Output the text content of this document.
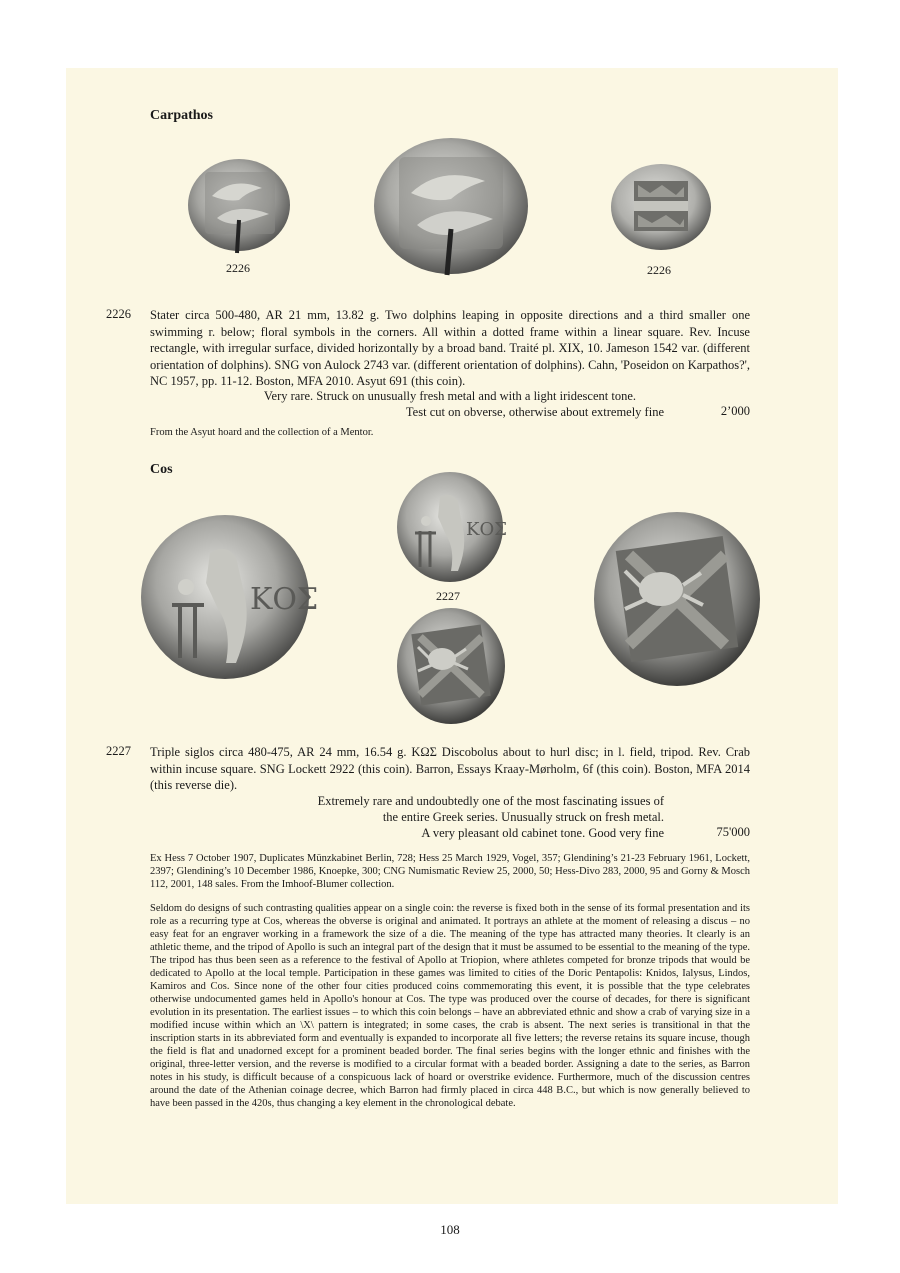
Carpathos
2226	2226
2226 Stater circa 500-480, AR 21 mm, 13.82 g. Two dolphins leaping in opposite directions and a third smaller one swimming r. below; floral symbols in the corners. All within a dotted frame within a linear square. Rev. Incuse rectangle, with irregular surface, divided horizontally by a broad band. Traité pl. XIX, 10. Jameson 1542 var. (different orientation of dolphins). SNG von Aulock 2743 var. (different orientation of dolphins). Cahn, 'Poseidon on Karpathos?', NC 1957, pp. 11-12. Boston, MFA 2010. Asyut 691 (this coin).

Very rare. Struck on unusually fresh metal and with a light iridescent tone.
Test cut on obverse, otherwise about extremely fine	2’000

From the Asyut hoard and the collection of a Mentor.

Cos
ΚΟΣ
ΚΟΣ
2227
2227 Triple siglos circa 480-475, AR 24 mm, 16.54 g. ΚΩΣ Discobolus about to hurl disc; in l. field, tripod. Rev. Crab within incuse square. SNG Lockett 2922 (this coin). Barron, Essays Kraay-Mørholm, 6f (this coin). Boston, MFA 2014 (this reverse die).

Extremely rare and undoubtedly one of the most fascinating issues of
the entire Greek series. Unusually struck on fresh metal.
A very pleasant old cabinet tone. Good very fine	75'000

Ex Hess 7 October 1907, Duplicates Münzkabinet Berlin, 728; Hess 25 March 1929, Vogel, 357; Glendining’s 21-23 February 1961, Lockett, 2397; Glendining’s 10 December 1986, Knoepke, 300; CNG Numismatic Review 25, 2000, 50; Hess-Divo 283, 2000, 95 and Gorny & Mosch 112, 2001, 148 sales. From the Imhoof-Blumer collection.

Seldom do designs of such contrasting qualities appear on a single coin: the reverse is fixed both in the sense of its formal presentation and its role as a recurring type at Cos, whereas the obverse is original and animated. It portrays an athlete at the moment of releasing a discus – no easy feat for an engraver working in a framework the size of a die. The meaning of the type has attracted many theories. It clearly is an athletic theme, and the tripod of Apollo is such an integral part of the design that it must be assumed to be essential to the meaning of the type. The tripod has thus been seen as a reference to the festival of Apollo at Triopion, where athletes competed for bronze tripods that would be dedicated to Apollo at the local temple. Participation in these games was limited to cities of the Doric Pentapolis: Knidos, Ialysus, Lindos, Kamiros and Cos. Since none of the other four cities produced coins commemorating this event, it is possible that the type celebrates otherwise undocumented games held in Apollo's honour at Cos. The type was produced over the course of decades, for there is significant evolution in its presentation. The earliest issues – to which this coin belongs – have an abbreviated ethnic and show a crab of varying size in a modified incuse within which an \X\ pattern is integrated; in some cases, the crab is absent. The next series is transitional in that the inscription starts in its abbreviated form and eventually is expanded to incorporate all five letters; the reverse retains its square incuse, though the field is flat and unadorned except for a prominent beaded border. The final series begins with the longer ethnic and finishes with the original, three-letter version, and the reverse is modified to a circular format with a beaded border. Assigning a date to the series, as Barron notes in his study, is difficult because of a conspicuous lack of hoard or overstrike evidence. Furthermore, much of the discussion centres around the date of the Athenian coinage decree, which Barron had firmly placed in circa 448 B.C., but which is now generally believed to have been passed in the 420s, thus changing a key element in the chronological debate.

108
